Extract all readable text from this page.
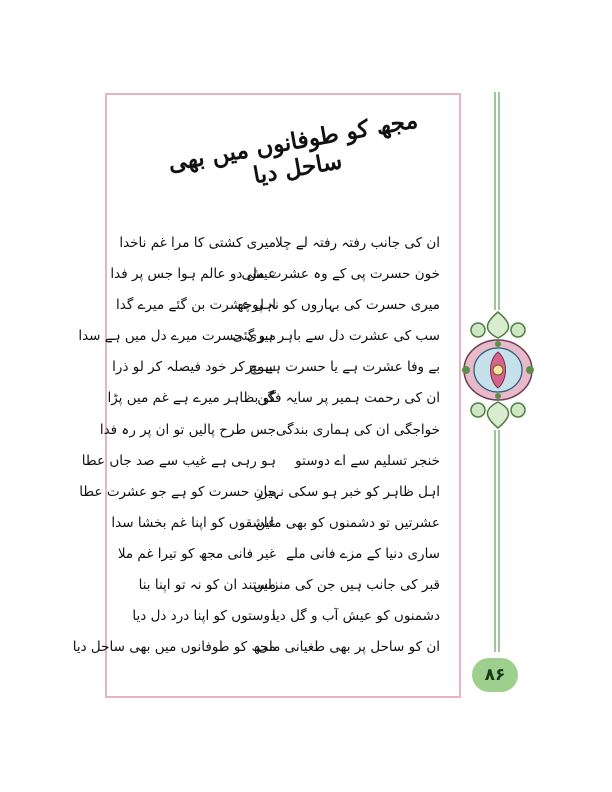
مجھ کو طوفانوں میں بھی ساحل دیا
ان کی جانب رفتہ رفتہ لے چلا
خون حسرت پی کے وہ عشرت ملی
میری حسرت کی بہاروں کو نہ پوچھ
سب کی عشرت دل سے باہر ہو گئی
بے وفا عشرت ہے یا حسرت ہے بیر
ان کی رحمت ہمیر پر سایہ فگن
خواجگی ان کی ہماری بندگی
خنجر تسلیم سے اے دوستو
اہل ظاہر کو خبر ہو سکی نہیں
عشرتیں تو دشمنوں کو بھی ملیں
ساری دنیا کے مزے فانی ملے
قبر کی جانب ہیں جن کی منزلیں
دشمنوں کو عیش آب و گل دیا
ان کو ساحل پر بھی طغیانی ملی
میری کشتی کا مرا غم ناخدا
عیش دو عالم ہوا جس پر فدا
اہل عشرت بن گئے میرے گدا
میری حسرت میرے دل میں ہے سدا
سوچ کر خود فیصلہ کر لو ذرا
گو بظاہر میرے ہے غم میں پڑا
جس طرح پالیں تو ان پر رہ فدا
ہو رہی ہے غیب سے صد جاں عطا
جانِ حسرت کو ہے جو عشرت عطا
عاشقوں کو اپنا غم بخشا سدا
غیر فانی مجھ کو تیرا غم ملا
مستند ان کو نہ تو اپنا بنا
دوستوں کو اپنا درد دل دیا
مجھ کو طوفانوں میں بھی ساحل دیا
۸۶
